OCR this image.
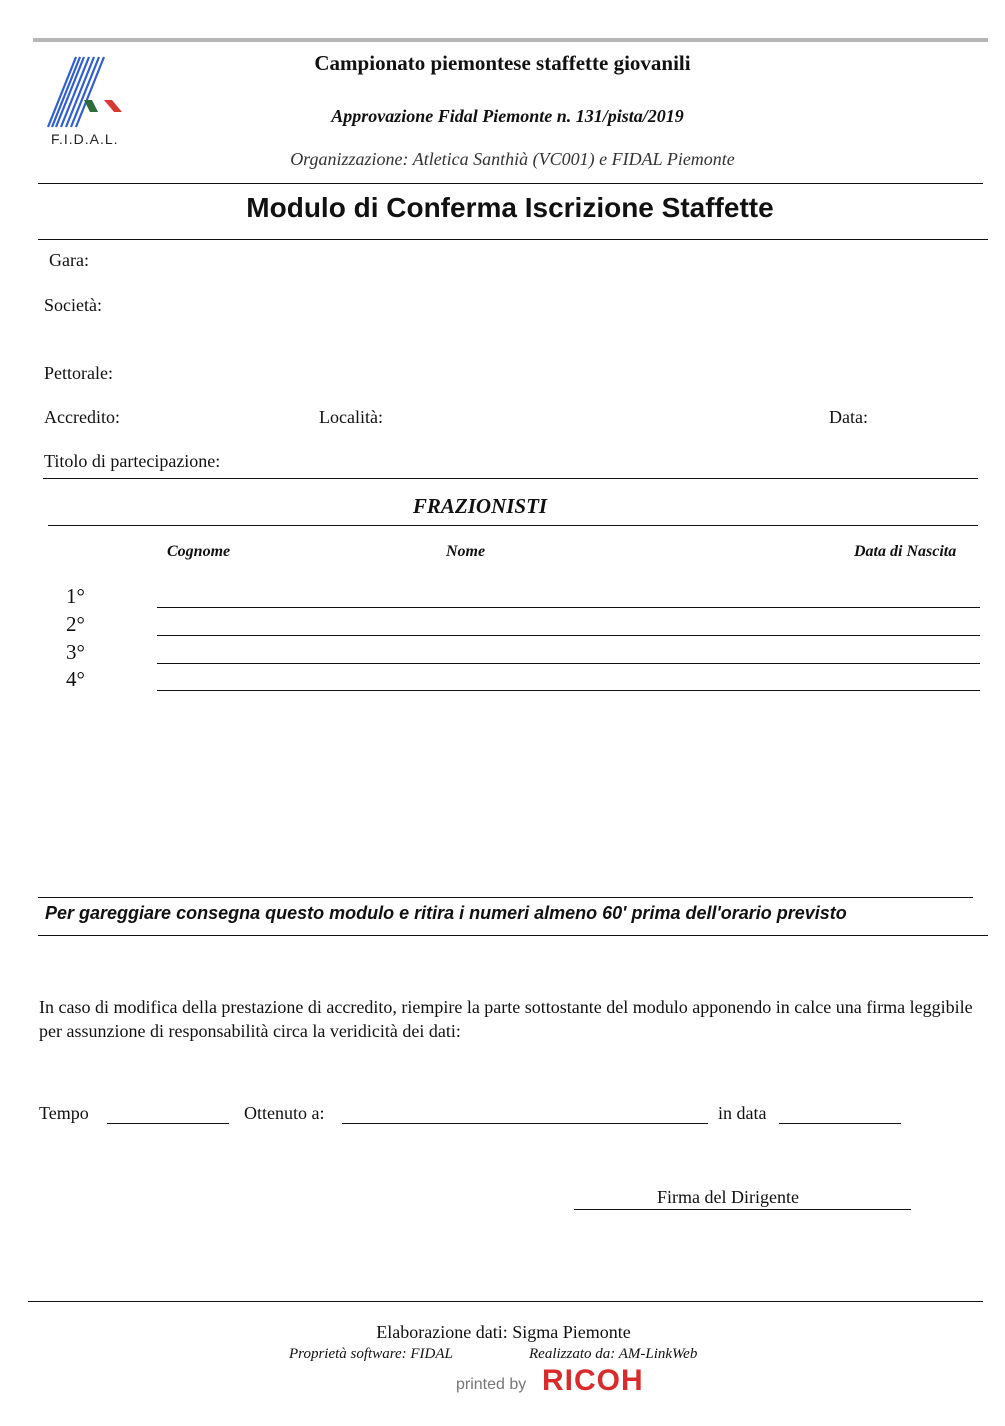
F.I.D.A.L.
Campionato piemontese staffette giovanili
Approvazione Fidal Piemonte n. 131/pista/2019
Organizzazione: Atletica Santhià (VC001) e FIDAL Piemonte
Modulo di Conferma Iscrizione Staffette
Gara:
Società:
Pettorale:
Accredito:	Località:	Data:
Titolo di partecipazione:
FRAZIONISTI
Cognome	Nome	Data di Nascita
1°
2°
3°
4°
Per gareggiare consegna questo modulo e ritira i numeri almeno 60' prima dell'orario previsto
In caso di modifica della prestazione di accredito, riempire la parte sottostante del modulo apponendo in calce una firma leggibile per assunzione di responsabilità circa la veridicità dei dati:
Tempo	Ottenuto a:	in data
Firma del Dirigente
Elaborazione dati: Sigma Piemonte
Proprietà software: FIDAL	Realizzato da: AM-LinkWeb
printed by RICOH
